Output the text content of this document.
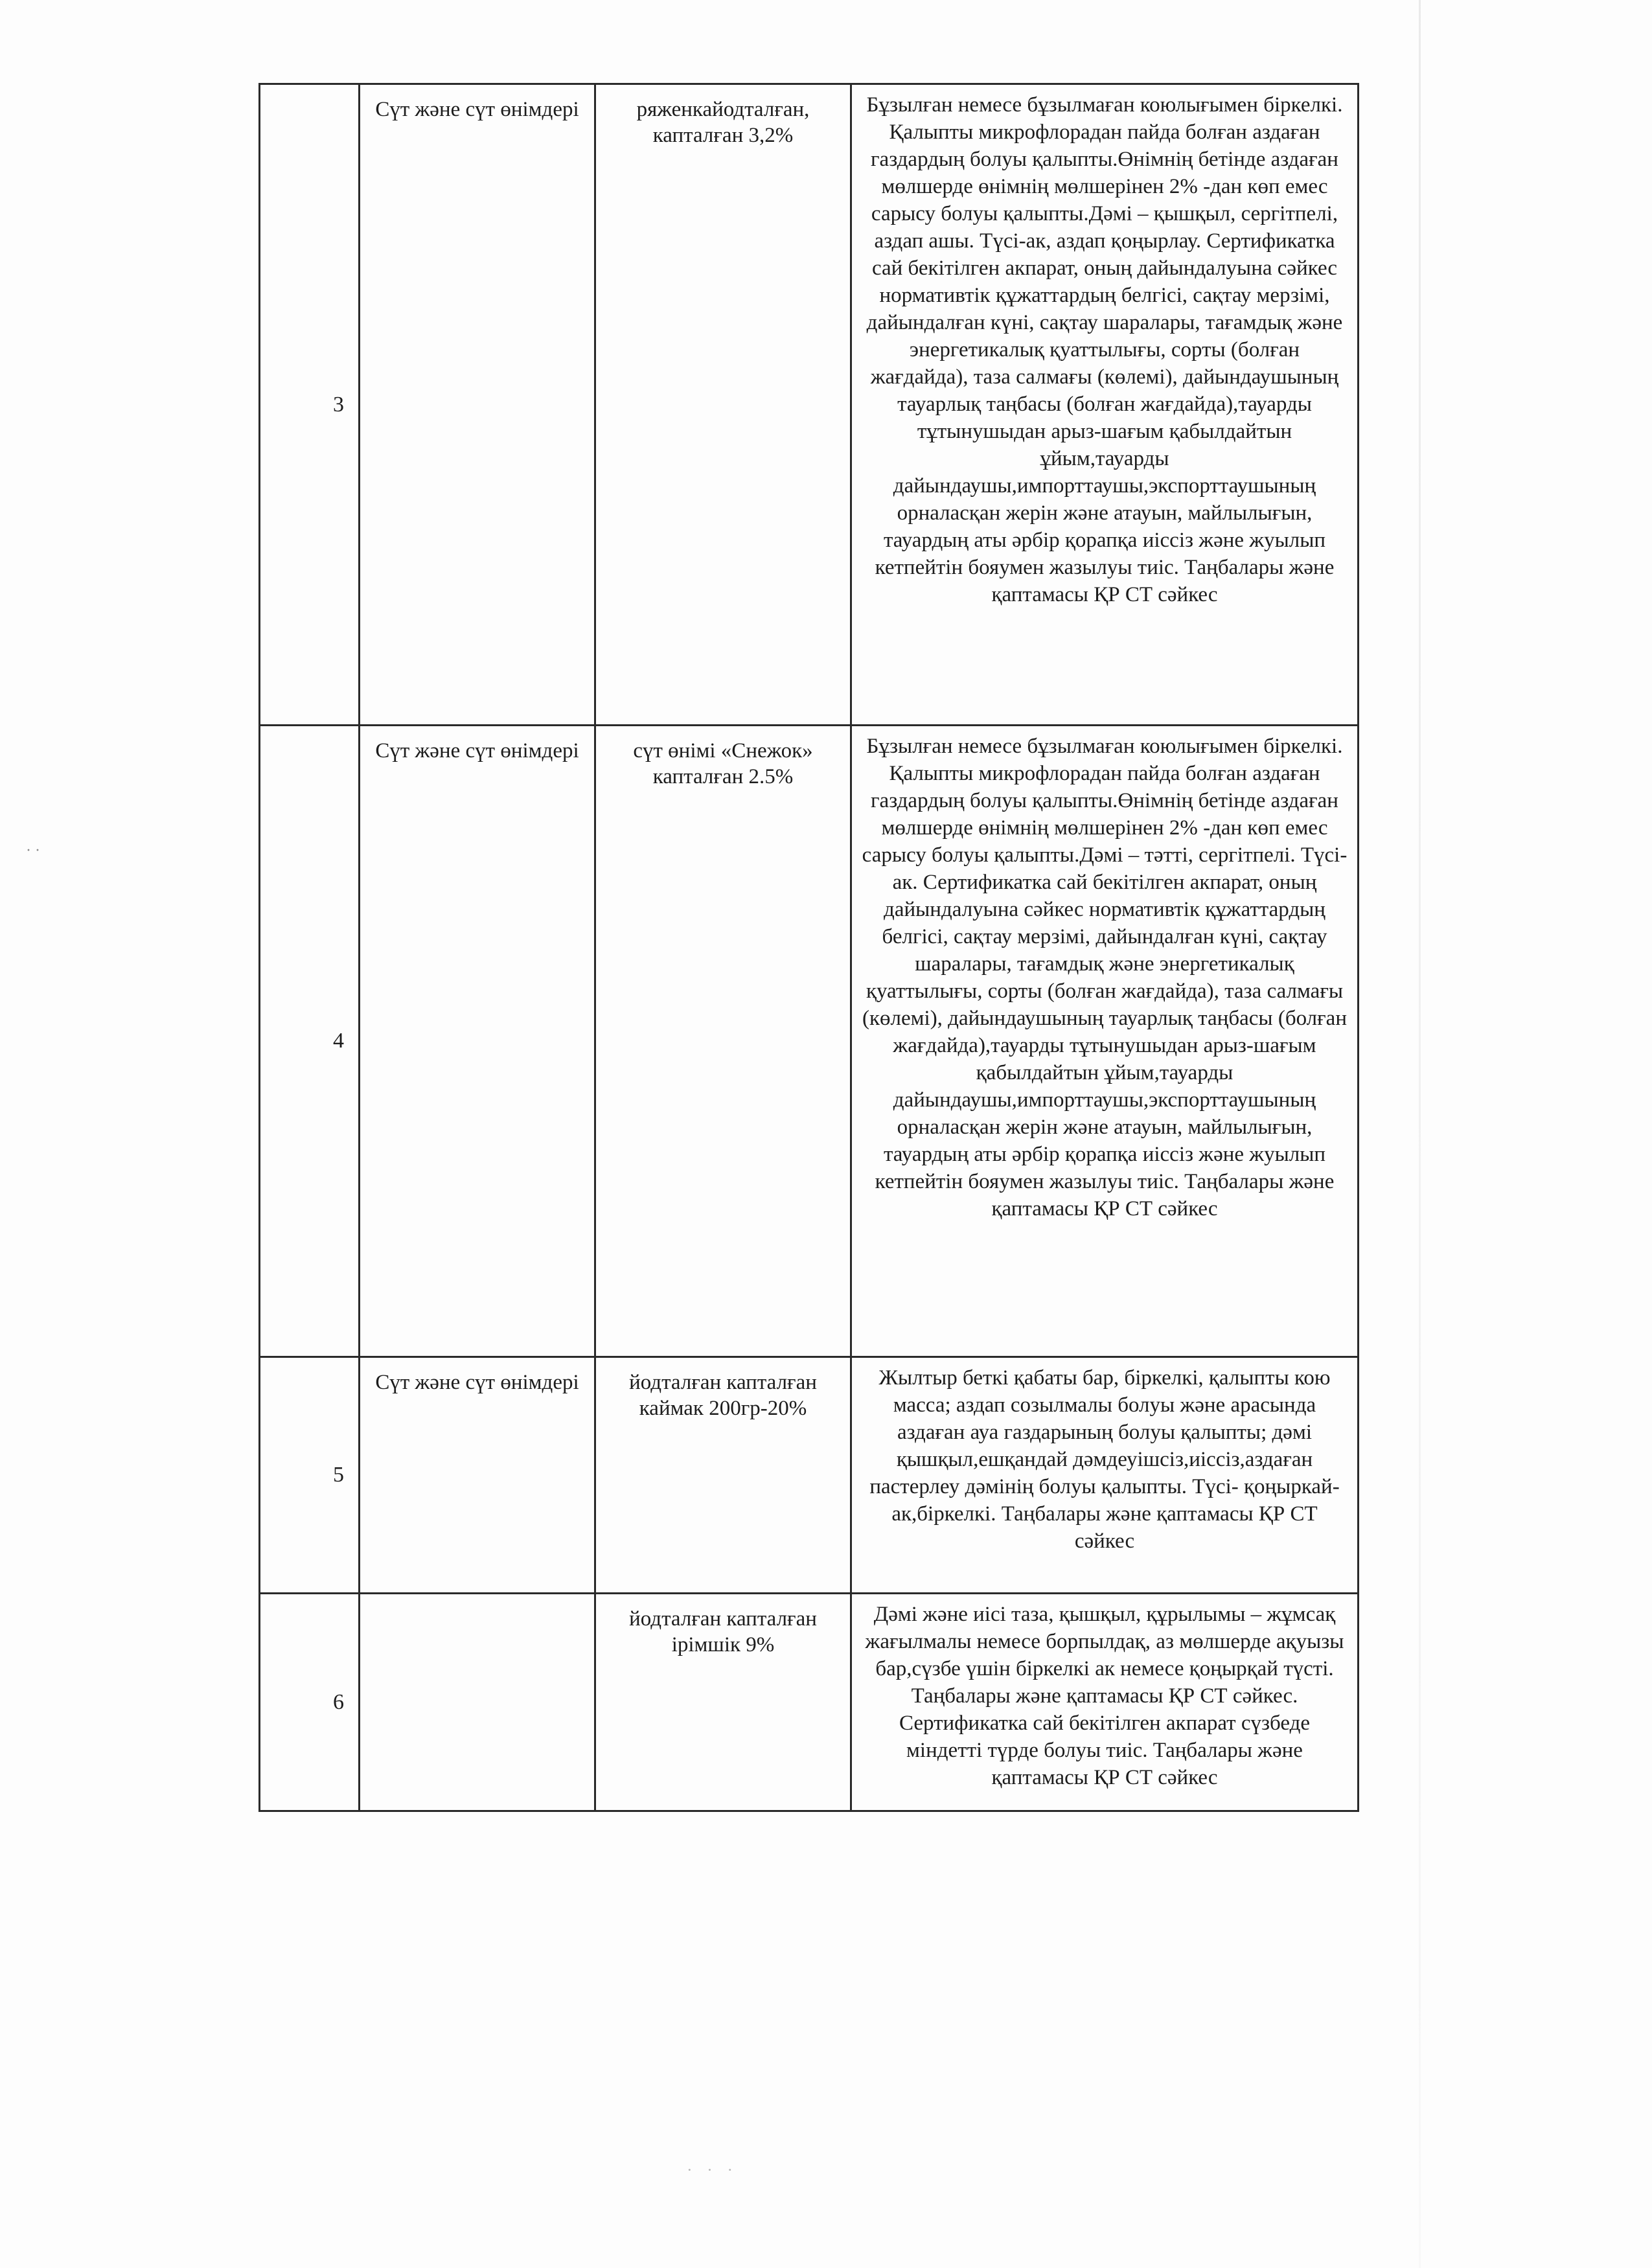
· ·
3	Сүт және сүт өнімдері	ряженкайодталған, капталған 3,2%	Бұзылған немесе бұзылмаған коюлығымен біркелкі. Қалыпты микрофлорадан пайда болған аздаған газдардың болуы қалыпты.Өнімнің бетінде аздаған мөлшерде өнімнің мөлшерінен 2% -дан көп емес сарысу болуы қалыпты.Дәмі – қышқыл, сергітпелі, аздап ашы. Түсі-ак, аздап қоңырлау. Сертификатка сай бекітілген акпарат, оның дайындалуына сәйкес нормативтік құжаттардың белгісі, сақтау мерзімі, дайындалған күні, сақтау шаралары, тағамдық және энергетикалық қуаттылығы, сорты (болған жағдайда), таза салмағы (көлемі), дайындаушының тауарлық таңбасы (болған жағдайда),тауарды тұтынушыдан арыз-шағым қабылдайтын ұйым,тауарды дайындаушы,импорттаушы,экспорттаушының орналасқан жерін және атауын, майлылығын, тауардың аты әрбір қорапқа иіссіз және жуылып кетпейтін бояумен жазылуы тиіс. Таңбалары және қаптамасы ҚР СТ сәйкес
4	Сүт және сүт өнімдері	сүт өнімі «Снежок» капталған 2.5%	Бұзылған немесе бұзылмаған коюлығымен біркелкі. Қалыпты микрофлорадан пайда болған аздаған газдардың болуы қалыпты.Өнімнің бетінде аздаған мөлшерде өнімнің мөлшерінен 2% -дан көп емес сарысу болуы қалыпты.Дәмі – тәтті, сергітпелі. Түсі-ак. Сертификатка сай бекітілген акпарат, оның дайындалуына сәйкес нормативтік құжаттардың белгісі, сақтау мерзімі, дайындалған күні, сақтау шаралары, тағамдық және энергетикалық қуаттылығы, сорты (болған жағдайда), таза салмағы (көлемі), дайындаушының тауарлық таңбасы (болған жағдайда),тауарды тұтынушыдан арыз-шағым қабылдайтын ұйым,тауарды дайындаушы,импорттаушы,экспорттаушының орналасқан жерін және атауын, майлылығын, тауардың аты әрбір қорапқа иіссіз және жуылып кетпейтін бояумен жазылуы тиіс. Таңбалары және қаптамасы ҚР СТ сәйкес
5	Сүт және сүт өнімдері	йодталған капталған каймак 200гр-20%	Жылтыр беткі қабаты бар, біркелкі, қалыпты кою масса; аздап созылмалы болуы және арасында аздаған ауа газдарының болуы қалыпты; дәмі қышқыл,ешқандай дәмдеуішсіз,иіссіз,аздаған пастерлеу дәмінің болуы қалыпты. Түсі- қоңыркай-ак,біркелкі. Таңбалары және қаптамасы ҚР СТ сәйкес
6		йодталған капталған ірімшік 9%	Дәмі және иісі таза, қышқыл, құрылымы – жұмсақ жағылмалы немесе борпылдақ, аз мөлшерде ақуызы бар,сүзбе үшін біркелкі ак немесе қоңырқай түсті. Таңбалары және қаптамасы ҚР СТ сәйкес. Сертификатка сай бекітілген акпарат сүзбеде міндетті түрде болуы тиіс. Таңбалары және қаптамасы ҚР СТ сәйкес
· · ·
